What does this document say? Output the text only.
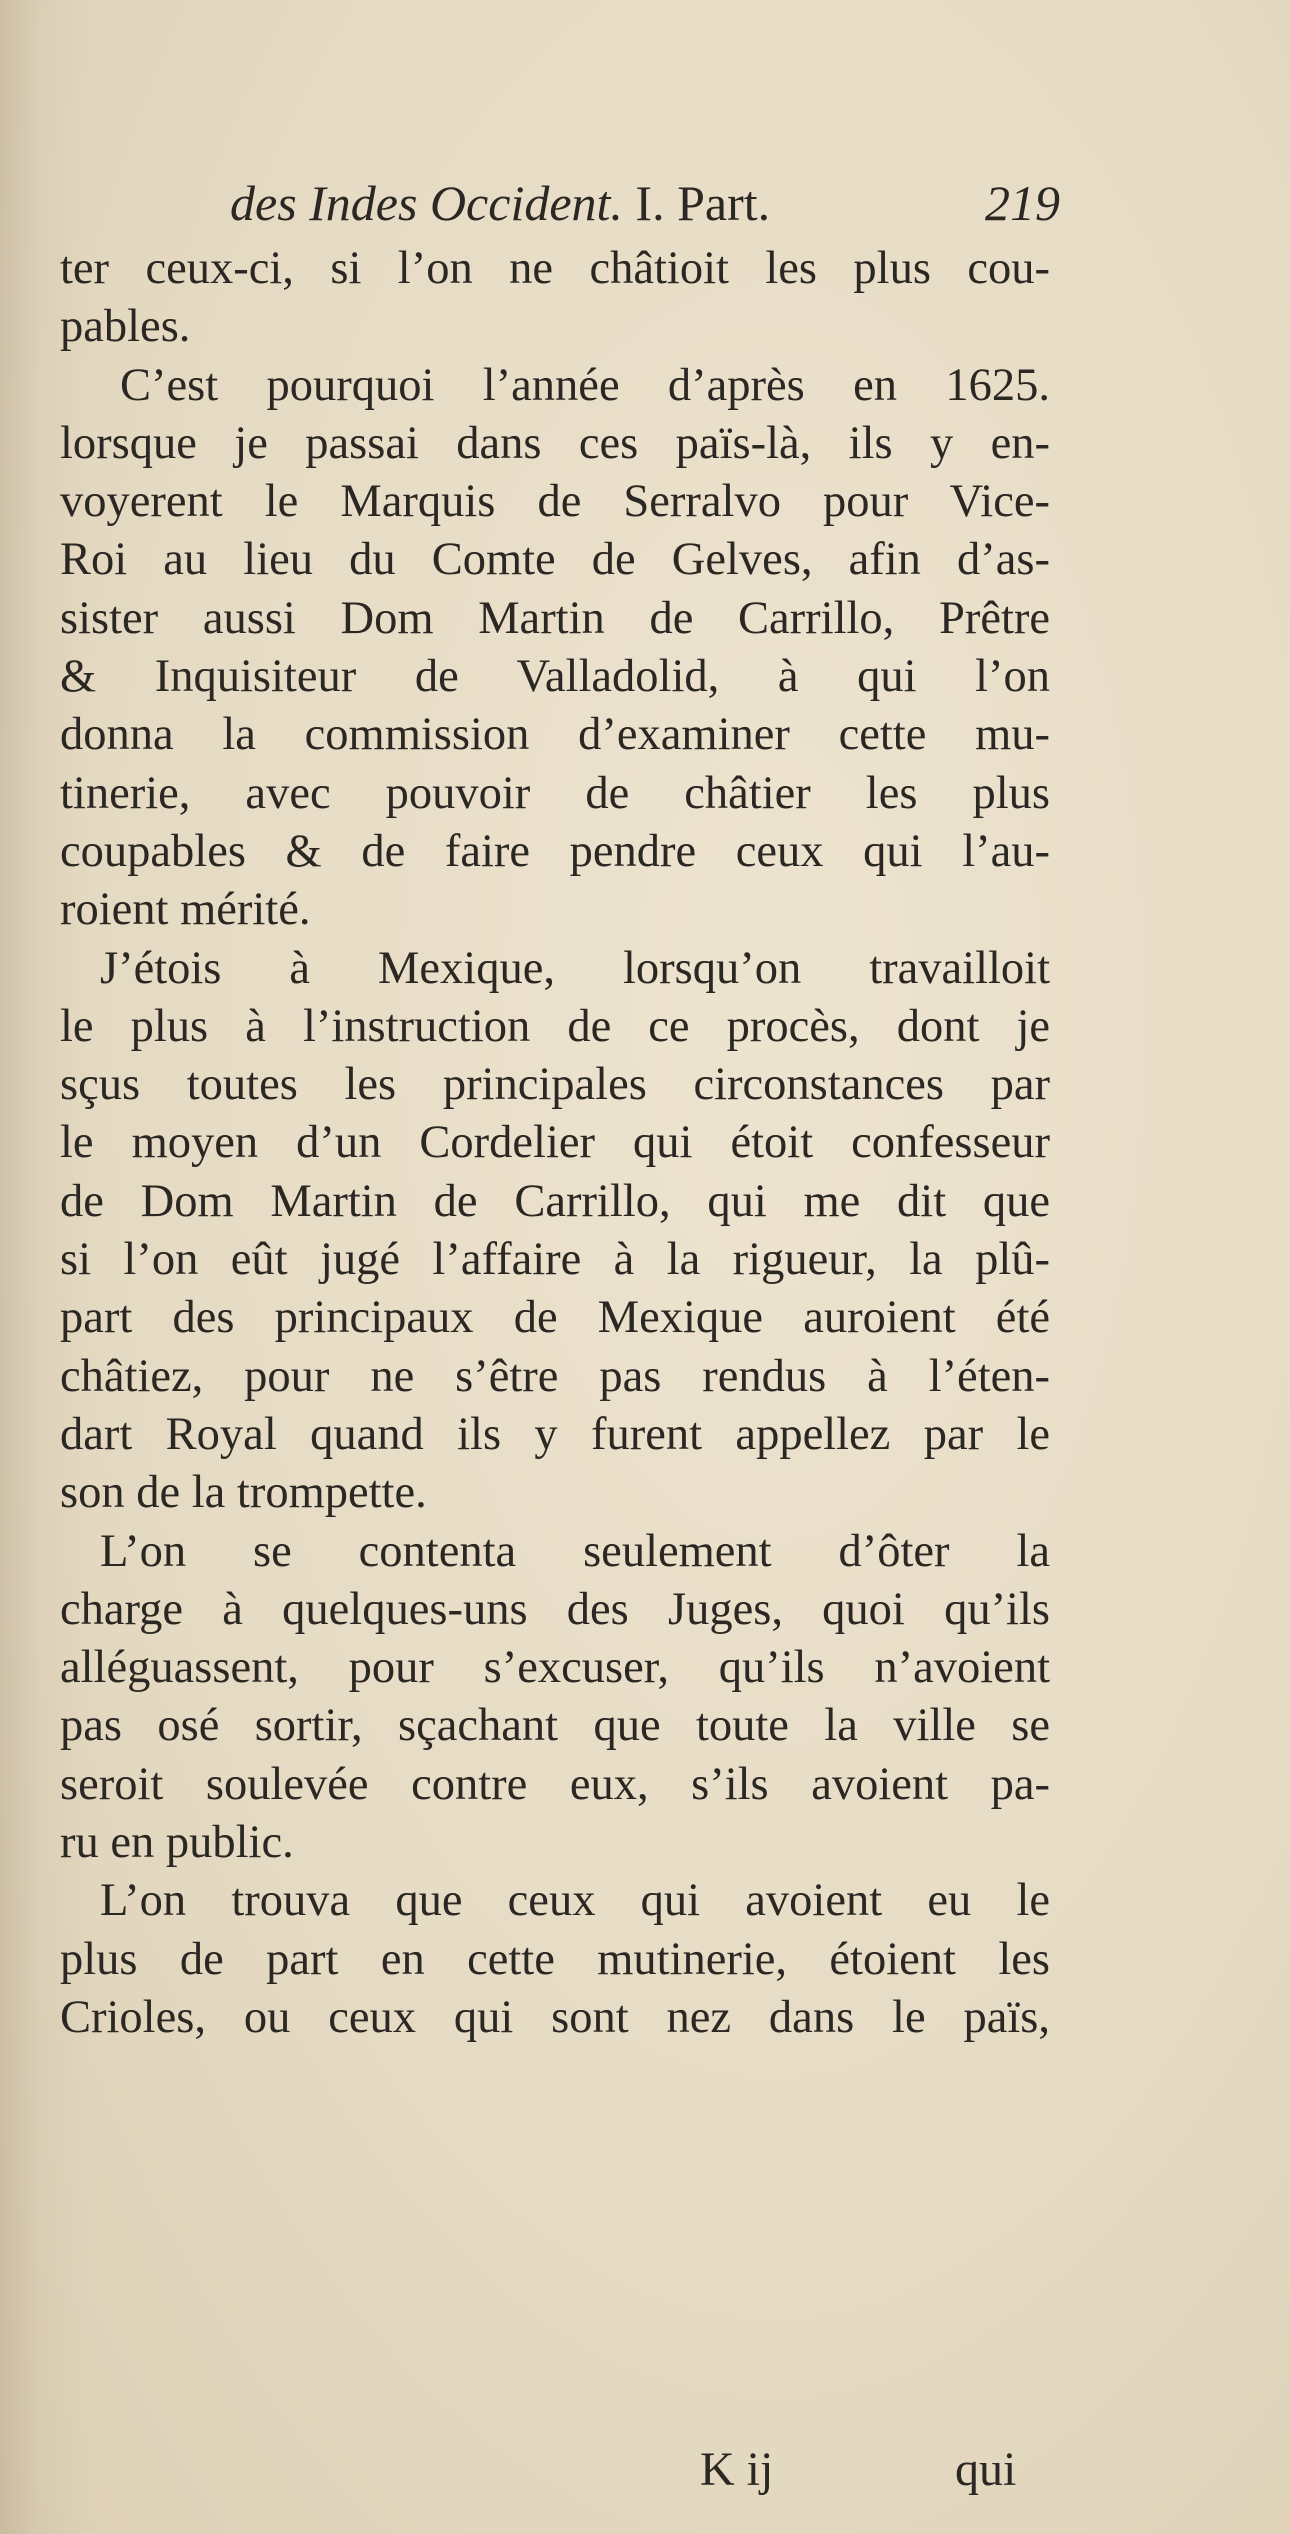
des Indes Occident. I. Part.	219
ter ceux-ci, si l’on ne châtioit les plus cou-
pables.
C’est pourquoi l’année d’après en 1625.
lorsque je passai dans ces païs-là, ils y en-
voyerent le Marquis de Serralvo pour Vice-
Roi au lieu du Comte de Gelves, afin d’as-
sister aussi Dom Martin de Carrillo, Prêtre
& Inquisiteur de Valladolid, à qui l’on
donna la commission d’examiner cette mu-
tinerie, avec pouvoir de châtier les plus
coupables & de faire pendre ceux qui l’au-
roient mérité.
J’étois à Mexique, lorsqu’on travailloit
le plus à l’instruction de ce procès, dont je
sçus toutes les principales circonstances par
le moyen d’un Cordelier qui étoit confesseur
de Dom Martin de Carrillo, qui me dit que
si l’on eût jugé l’affaire à la rigueur, la plû-
part des principaux de Mexique auroient été
châtiez, pour ne s’être pas rendus à l’éten-
dart Royal quand ils y furent appellez par le
son de la trompette.
L’on se contenta seulement d’ôter la
charge à quelques-uns des Juges, quoi qu’ils
alléguassent, pour s’excuser, qu’ils n’avoient
pas osé sortir, sçachant que toute la ville se
seroit soulevée contre eux, s’ils avoient pa-
ru en public.
L’on trouva que ceux qui avoient eu le
plus de part en cette mutinerie, étoient les
Crioles, ou ceux qui sont nez dans le païs,
K ij	qui
